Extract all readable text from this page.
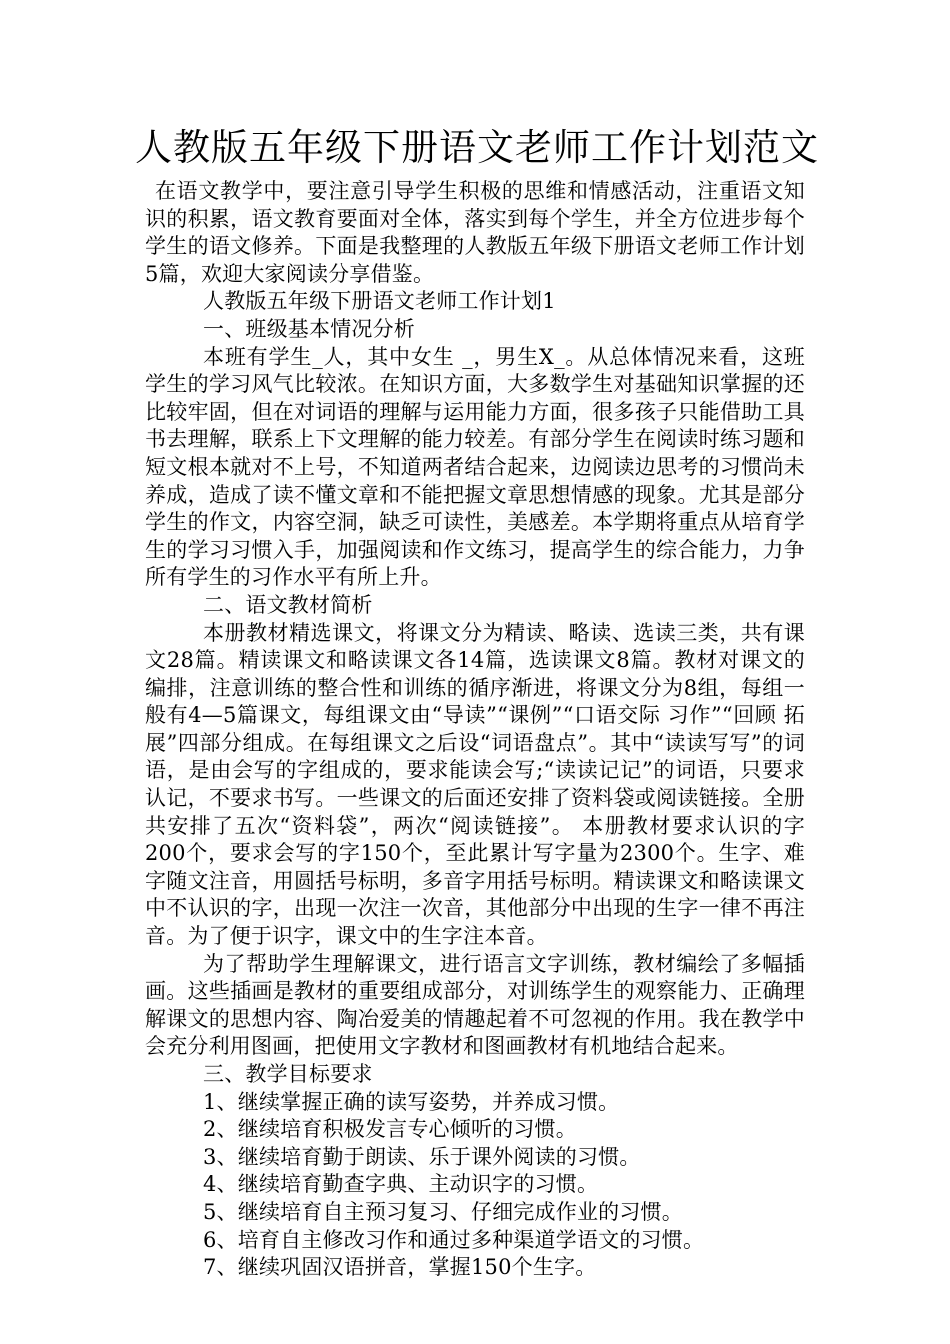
人教版五年级下册语文老师工作计划范文

在语文教学中，要注意引导学生积极的思维和情感活动，注重语文知识的积累，语文教育要面对全体，落实到每个学生，并全方位进步每个学生的语文修养。下面是我整理的人教版五年级下册语文老师工作计划5篇，欢迎大家阅读分享借鉴。

人教版五年级下册语文老师工作计划1

一、班级基本情况分析

本班有学生_人，其中女生 _，男生X_。从总体情况来看，这班学生的学习风气比较浓。在知识方面，大多数学生对基础知识掌握的还比较牢固，但在对词语的理解与运用能力方面，很多孩子只能借助工具书去理解，联系上下文理解的能力较差。有部分学生在阅读时练习题和短文根本就对不上号，不知道两者结合起来，边阅读边思考的习惯尚未养成，造成了读不懂文章和不能把握文章思想情感的现象。尤其是部分学生的作文，内容空洞，缺乏可读性，美感差。本学期将重点从培育学生的学习习惯入手，加强阅读和作文练习，提高学生的综合能力，力争所有学生的习作水平有所上升。

二、语文教材简析

本册教材精选课文，将课文分为精读、略读、选读三类，共有课文28篇。精读课文和略读课文各14篇，选读课文8篇。教材对课文的编排，注意训练的整合性和训练的循序渐进，将课文分为8组，每组一般有4—5篇课文，每组课文由“导读”“课例”“口语交际 习作”“回顾 拓展”四部分组成。在每组课文之后设“词语盘点”。其中“读读写写”的词语，是由会写的字组成的，要求能读会写;“读读记记”的词语，只要求认记，不要求书写。一些课文的后面还安排了资料袋或阅读链接。全册共安排了五次“资料袋”，两次“阅读链接”。 本册教材要求认识的字200个，要求会写的字150个，至此累计写字量为2300个。生字、难字随文注音，用圆括号标明，多音字用括号标明。精读课文和略读课文中不认识的字，出现一次注一次音，其他部分中出现的生字一律不再注音。为了便于识字，课文中的生字注本音。

为了帮助学生理解课文，进行语言文字训练，教材编绘了多幅插画。这些插画是教材的重要组成部分，对训练学生的观察能力、正确理解课文的思想内容、陶冶爱美的情趣起着不可忽视的作用。我在教学中会充分利用图画，把使用文字教材和图画教材有机地结合起来。

三、教学目标要求

1、继续掌握正确的读写姿势，并养成习惯。

2、继续培育积极发言专心倾听的习惯。

3、继续培育勤于朗读、乐于课外阅读的习惯。

4、继续培育勤查字典、主动识字的习惯。

5、继续培育自主预习复习、仔细完成作业的习惯。

6、培育自主修改习作和通过多种渠道学语文的习惯。

7、继续巩固汉语拼音，掌握150个生字。
